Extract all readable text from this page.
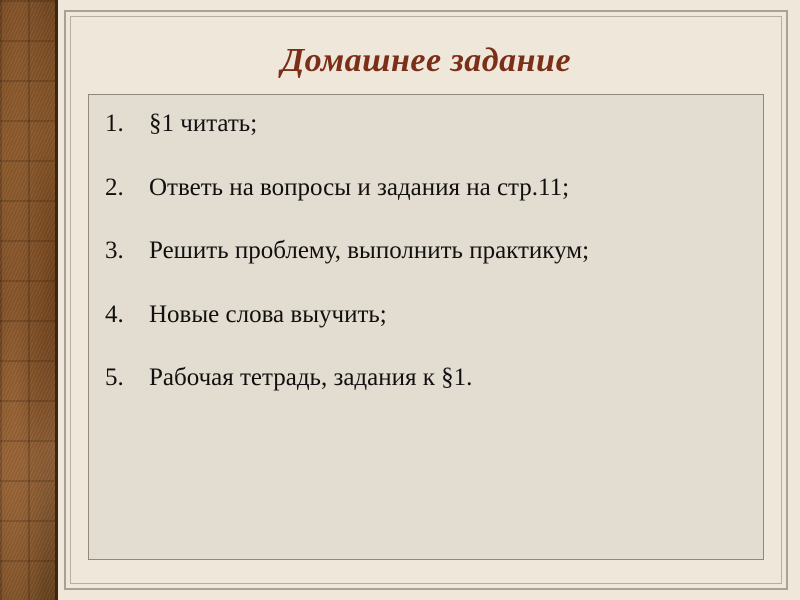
Домашнее задание
1.	§1 читать;
2.	Ответь на вопросы и задания на стр.11;
3.	Решить проблему, выполнить практикум;
4.	Новые слова выучить;
5.	Рабочая тетрадь, задания к §1.
